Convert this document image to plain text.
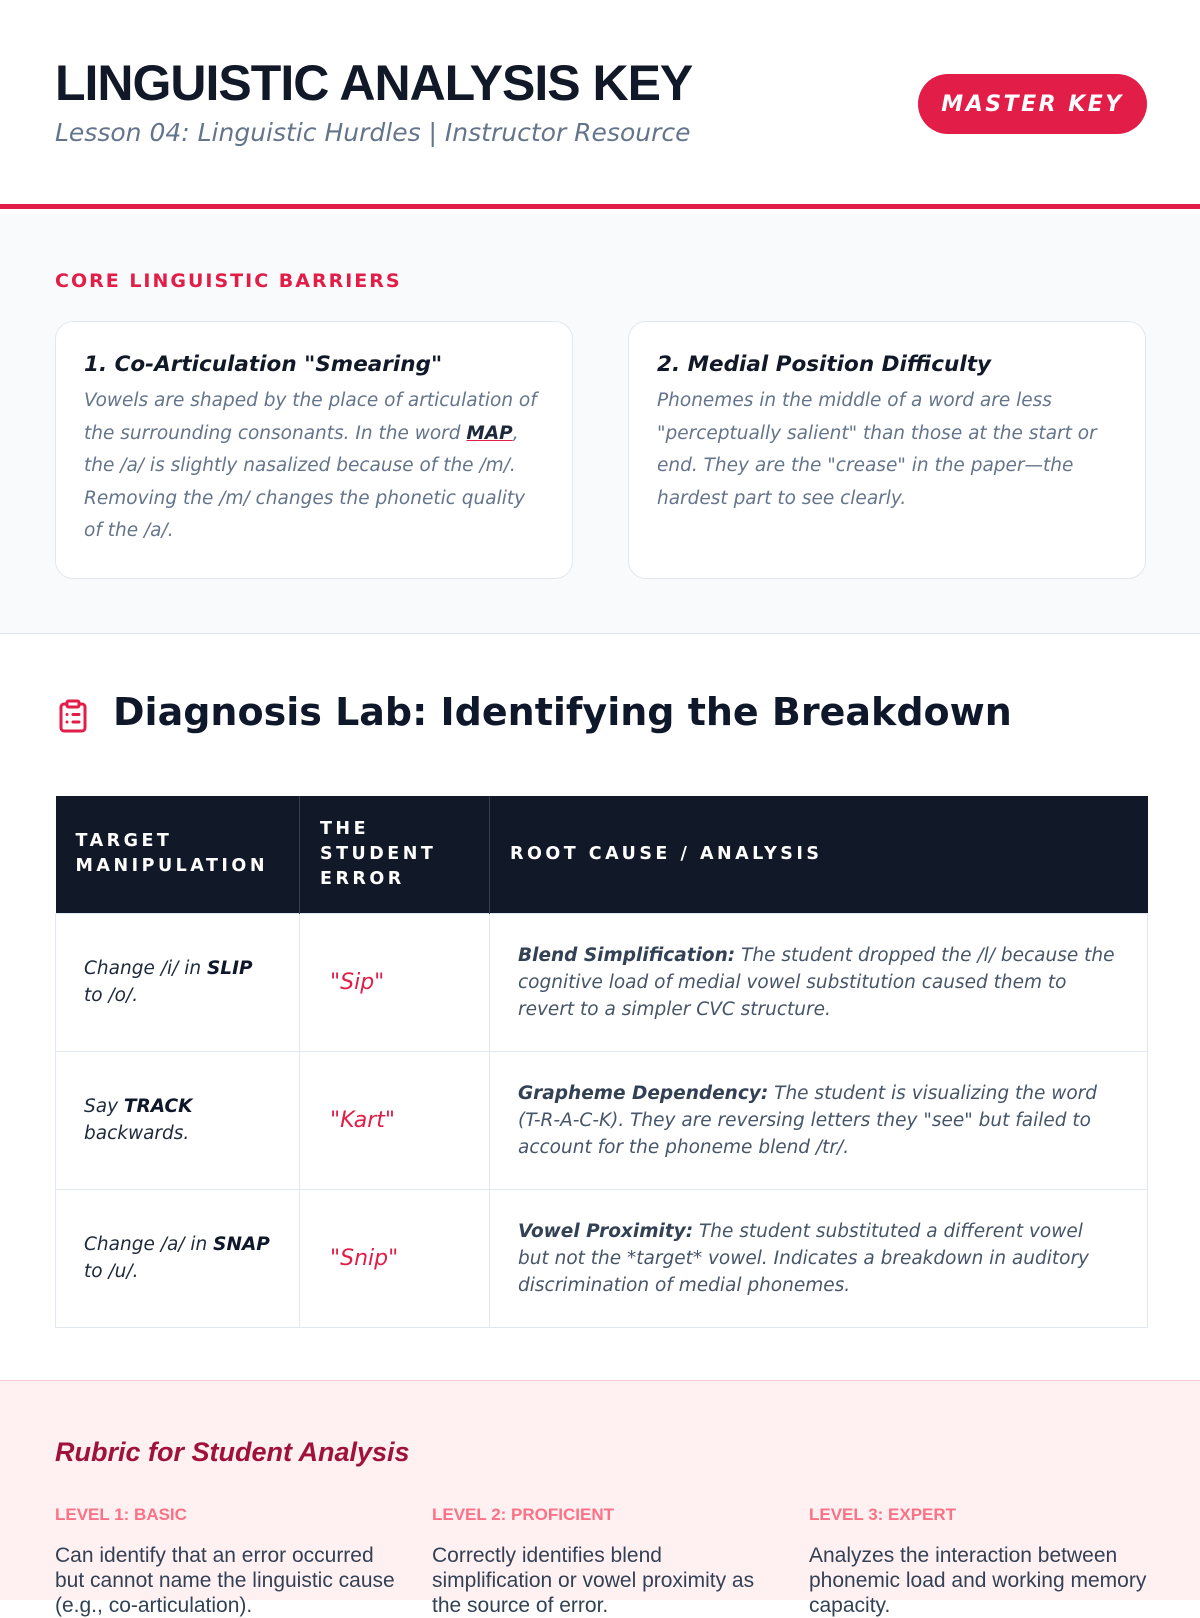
LINGUISTIC ANALYSIS KEY
Lesson 04: Linguistic Hurdles | Instructor Resource
MASTER KEY
CORE LINGUISTIC BARRIERS
1. Co-Articulation "Smearing"
Vowels are shaped by the place of articulation of the surrounding consonants. In the word MAP, the /a/ is slightly nasalized because of the /m/. Removing the /m/ changes the phonetic quality of the /a/.
2. Medial Position Difficulty
Phonemes in the middle of a word are less "perceptually salient" than those at the start or end. They are the "crease" in the paper—the hardest part to see clearly.
Diagnosis Lab: Identifying the Breakdown
TARGET MANIPULATION	THE STUDENT ERROR	ROOT CAUSE / ANALYSIS
Change /i/ in SLIP to /o/.	"Sip"	Blend Simplification: The student dropped the /l/ because the cognitive load of medial vowel substitution caused them to revert to a simpler CVC structure.
Say TRACK backwards.	"Kart"	Grapheme Dependency: The student is visualizing the word (T-R-A-C-K). They are reversing letters they "see" but failed to account for the phoneme blend /tr/.
Change /a/ in SNAP to /u/.	"Snip"	Vowel Proximity: The student substituted a different vowel but not the *target* vowel. Indicates a breakdown in auditory discrimination of medial phonemes.
Rubric for Student Analysis
LEVEL 1: BASIC
Can identify that an error occurred but cannot name the linguistic cause (e.g., co-articulation).
LEVEL 2: PROFICIENT
Correctly identifies blend simplification or vowel proximity as the source of error.
LEVEL 3: EXPERT
Analyzes the interaction between phonemic load and working memory capacity.
